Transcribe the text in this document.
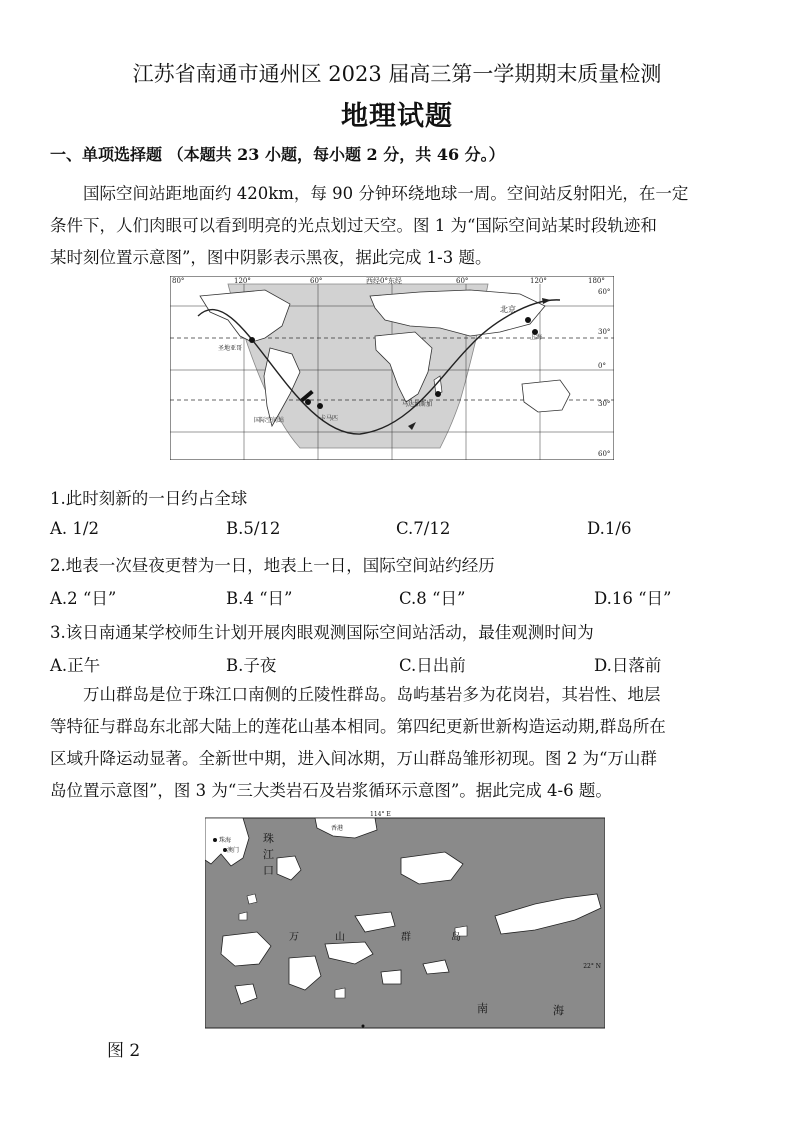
江苏省南通市通州区 2023 届高三第一学期期末质量检测
地理试题
一、单项选择题 （本题共 23 小题，每小题 2 分，共 46 分。）
国际空间站距地面约 420km，每 90 分钟环绕地球一周。空间站反射阳光，在一定
条件下，人们肉眼可以看到明亮的光点划过天空。图 1 为“国际空间站某时段轨迹和
某时刻位置示意图”，图中阴影表示黑夜，据此完成 1-3 题。
80°	120°	60°	西经0°东经	60°	120°	180°
60°
30°
0°
30°
60°
北京
上海
圣地亚哥
国际空间站	卡马匹
马达加斯加
1.此时刻新的一日约占全球
A. 1/2	B.5/12	C.7/12	D.1/6
2.地表一次昼夜更替为一日，地表上一日，国际空间站约经历
A.2 “日”	B.4 “日”	C.8 “日”	D.16 “日”
3.该日南通某学校师生计划开展肉眼观测国际空间站活动，最佳观测时间为
A.正午	B.子夜	C.日出前	D.日落前
万山群岛是位于珠江口南侧的丘陵性群岛。岛屿基岩多为花岗岩，其岩性、地层
等特征与群岛东北部大陆上的莲花山基本相同。第四纪更新世新构造运动期,群岛所在
区域升降运动显著。全新世中期，进入间冰期，万山群岛雏形初现。图 2 为“万山群
岛位置示意图”，图 3 为“三大类岩石及岩浆循环示意图”。据此完成 4-6 题。
114° E
22° N
珠海
澳门
香港
珠
江
口
万	山	群	岛
南	海
图 2
